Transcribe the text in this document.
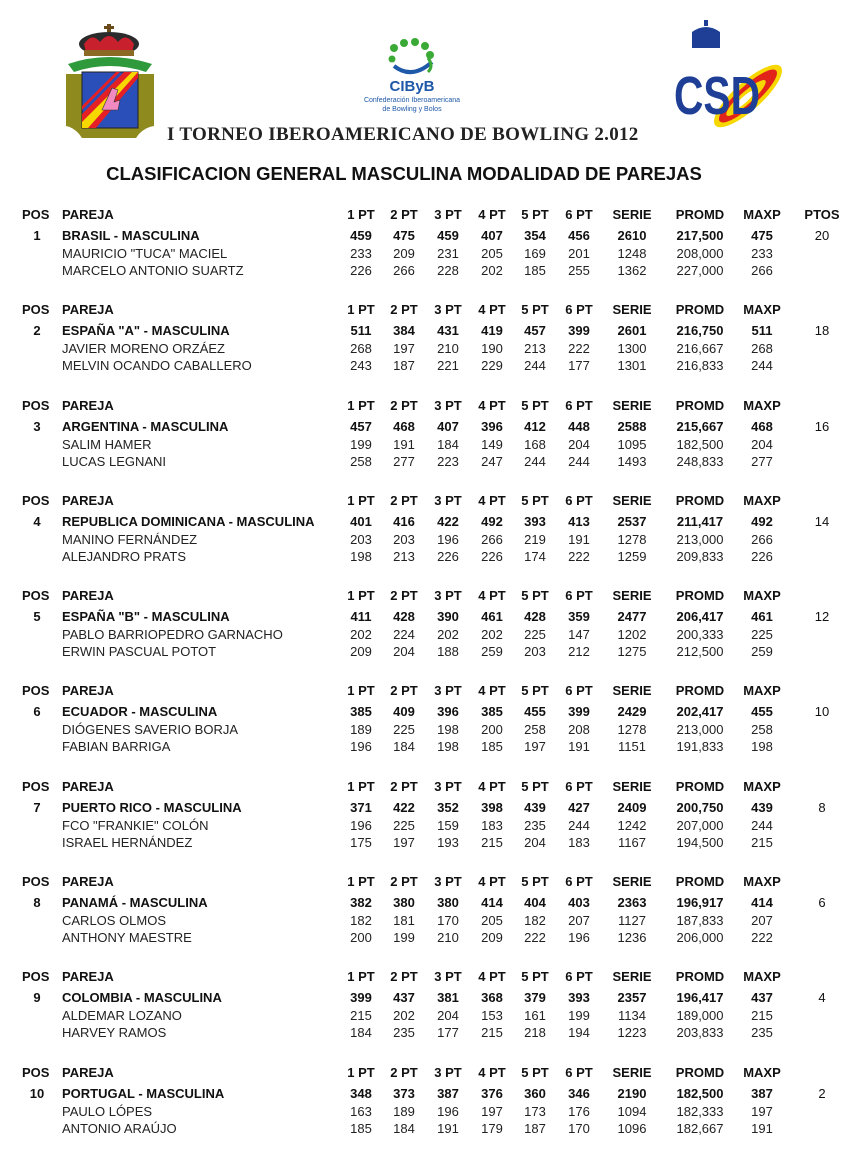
CIByB
Confederación Iberoamericana
de Bowling y Bolos	CSD
I TORNEO IBEROAMERICANO DE BOWLING 2.012
CLASIFICACION GENERAL MASCULINA MODALIDAD DE PAREJAS
POS PAREJA	1 PT	2 PT	3 PT	4 PT	5 PT	6 PT	SERIE	PROMD	MAXP	PTOS
1	BRASIL - MASCULINA	459	475	459	407	354	456	2610	217,500	475	20
MAURICIO "TUCA" MACIEL	233	209	231	205	169	201	1248	208,000	233
MARCELO ANTONIO SUARTZ	226	266	228	202	185	255	1362	227,000	266
POS PAREJA	1 PT	2 PT	3 PT	4 PT	5 PT	6 PT	SERIE	PROMD	MAXP
2	ESPAÑA "A" - MASCULINA	511	384	431	419	457	399	2601	216,750	511	18
JAVIER MORENO ORZÁEZ	268	197	210	190	213	222	1300	216,667	268
MELVIN OCANDO CABALLERO	243	187	221	229	244	177	1301	216,833	244
POS PAREJA	1 PT	2 PT	3 PT	4 PT	5 PT	6 PT	SERIE	PROMD	MAXP
3	ARGENTINA - MASCULINA	457	468	407	396	412	448	2588	215,667	468	16
SALIM HAMER	199	191	184	149	168	204	1095	182,500	204
LUCAS LEGNANI	258	277	223	247	244	244	1493	248,833	277
POS PAREJA	1 PT	2 PT	3 PT	4 PT	5 PT	6 PT	SERIE	PROMD	MAXP
4	REPUBLICA DOMINICANA - MASCULINA	401	416	422	492	393	413	2537	211,417	492	14
MANINO FERNÁNDEZ	203	203	196	266	219	191	1278	213,000	266
ALEJANDRO PRATS	198	213	226	226	174	222	1259	209,833	226
POS PAREJA	1 PT	2 PT	3 PT	4 PT	5 PT	6 PT	SERIE	PROMD	MAXP
5	ESPAÑA "B" - MASCULINA	411	428	390	461	428	359	2477	206,417	461	12
PABLO BARRIOPEDRO GARNACHO	202	224	202	202	225	147	1202	200,333	225
ERWIN PASCUAL POTOT	209	204	188	259	203	212	1275	212,500	259
POS PAREJA	1 PT	2 PT	3 PT	4 PT	5 PT	6 PT	SERIE	PROMD	MAXP
6	ECUADOR - MASCULINA	385	409	396	385	455	399	2429	202,417	455	10
DIÓGENES SAVERIO BORJA	189	225	198	200	258	208	1278	213,000	258
FABIAN BARRIGA	196	184	198	185	197	191	1151	191,833	198
POS PAREJA	1 PT	2 PT	3 PT	4 PT	5 PT	6 PT	SERIE	PROMD	MAXP
7	PUERTO RICO - MASCULINA	371	422	352	398	439	427	2409	200,750	439	8
FCO "FRANKIE" COLÓN	196	225	159	183	235	244	1242	207,000	244
ISRAEL HERNÁNDEZ	175	197	193	215	204	183	1167	194,500	215
POS PAREJA	1 PT	2 PT	3 PT	4 PT	5 PT	6 PT	SERIE	PROMD	MAXP
8	PANAMÁ - MASCULINA	382	380	380	414	404	403	2363	196,917	414	6
CARLOS OLMOS	182	181	170	205	182	207	1127	187,833	207
ANTHONY MAESTRE	200	199	210	209	222	196	1236	206,000	222
POS PAREJA	1 PT	2 PT	3 PT	4 PT	5 PT	6 PT	SERIE	PROMD	MAXP
9	COLOMBIA - MASCULINA	399	437	381	368	379	393	2357	196,417	437	4
ALDEMAR LOZANO	215	202	204	153	161	199	1134	189,000	215
HARVEY RAMOS	184	235	177	215	218	194	1223	203,833	235
POS PAREJA	1 PT	2 PT	3 PT	4 PT	5 PT	6 PT	SERIE	PROMD	MAXP
10	PORTUGAL - MASCULINA	348	373	387	376	360	346	2190	182,500	387	2
PAULO LÓPES	163	189	196	197	173	176	1094	182,333	197
ANTONIO ARAÚJO	185	184	191	179	187	170	1096	182,667	191
